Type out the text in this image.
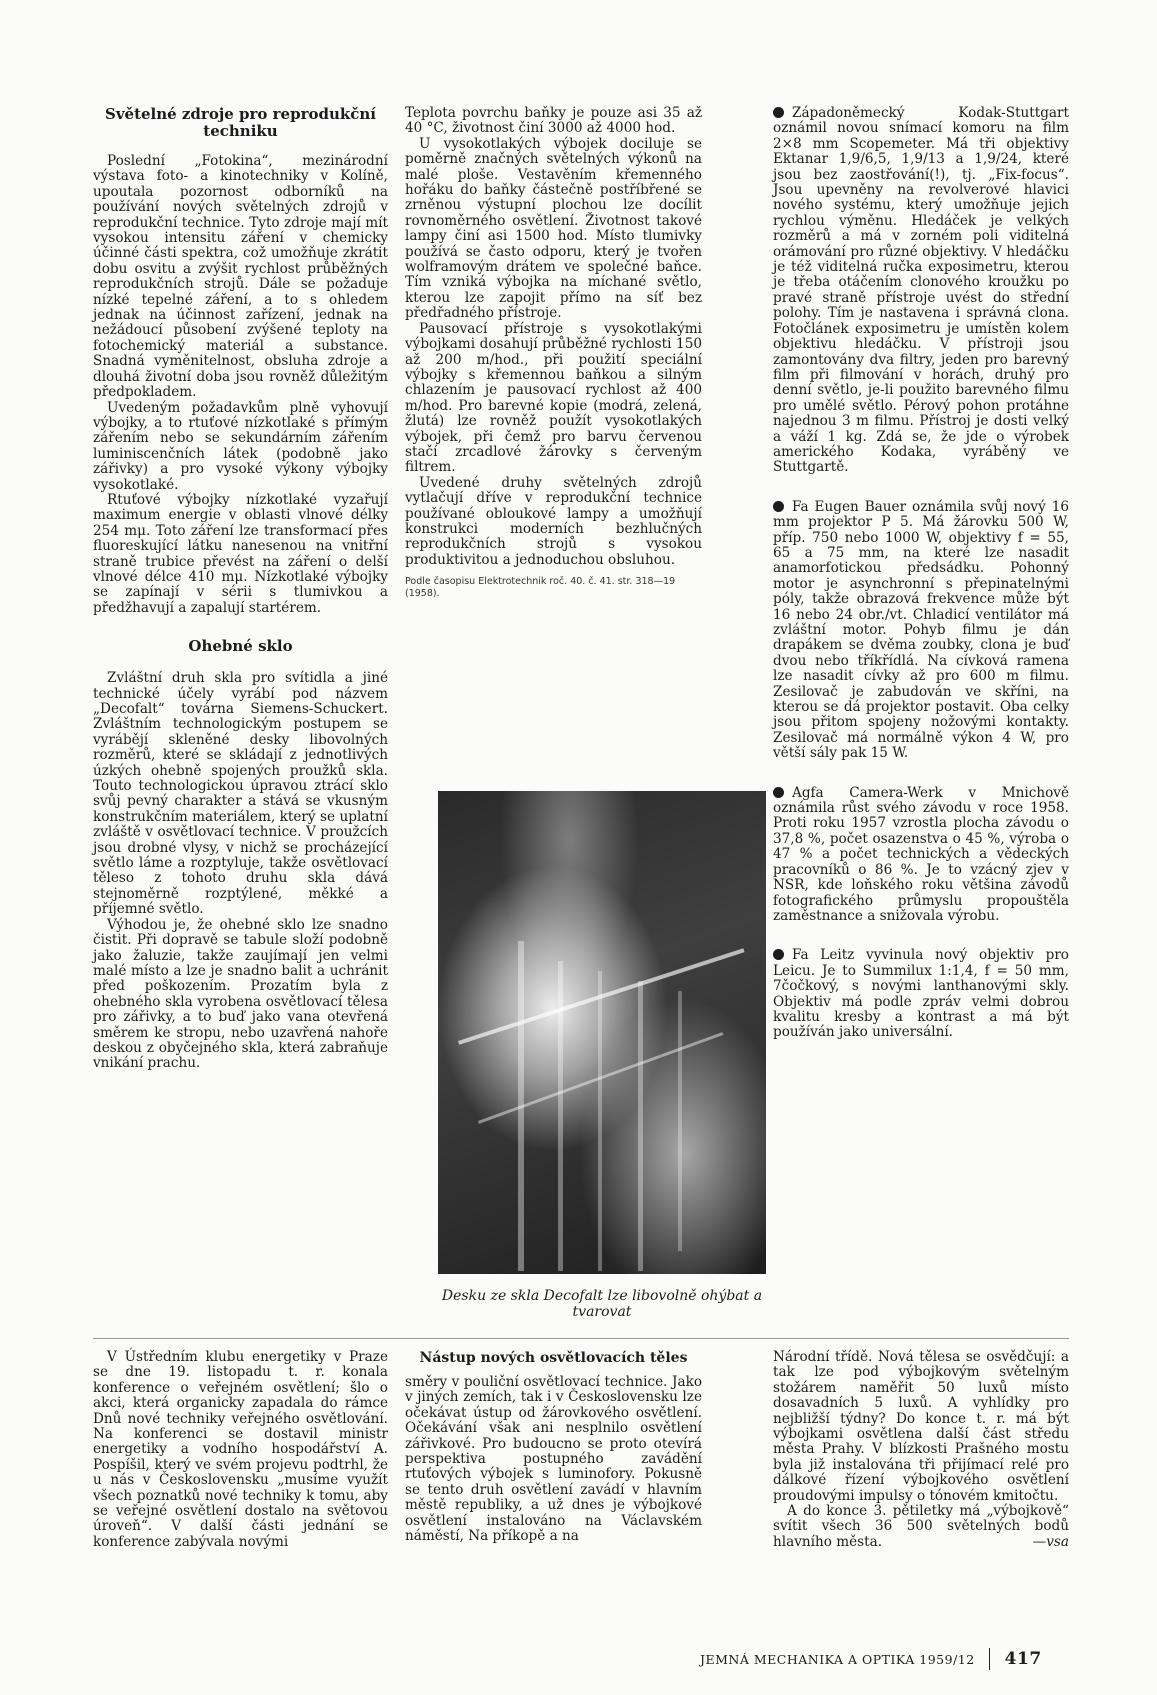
Světelné zdroje pro reprodukční techniku

Poslední „Fotokina“, mezinárodní výstava foto- a kinotechniky v Kolíně, upoutala pozornost odborníků na používání nových světelných zdrojů v reprodukční technice. Tyto zdroje mají mít vysokou intensitu záření v chemicky účinné části spektra, což umožňuje zkrátit dobu osvitu a zvýšit rychlost průběžných reprodukčních strojů. Dále se požaduje nízké tepelné záření, a to s ohledem jednak na účinnost zařízení, jednak na nežádoucí působení zvýšené teploty na fotochemický materiál a substance. Snadná vyměnitelnost, obsluha zdroje a dlouhá životní doba jsou rovněž důležitým předpokladem.

Uvedeným požadavkům plně vyhovují výbojky, a to rtuťové nízkotlaké s přímým zářením nebo se sekundárním zářením luminiscenčních látek (podobně jako zářivky) a pro vysoké výkony výbojky vysokotlaké.

Rtuťové výbojky nízkotlaké vyzařují maximum energie v oblasti vlnové délky 254 mμ. Toto záření lze transformací přes fluoreskující látku nanesenou na vnitřní straně trubice převést na záření o delší vlnové délce 410 mμ. Nízkotlaké výbojky se zapínají v sérii s tlumivkou a předžhavují a zapalují startérem.

Ohebné sklo

Zvláštní druh skla pro svítidla a jiné technické účely vyrábí pod názvem „Decofalt“ továrna Siemens-Schuckert. Zvláštním technologickým postupem se vyrábějí skleněné desky libovolných rozměrů, které se skládají z jednotlivých úzkých ohebně spojených proužků skla. Touto technologickou úpravou ztrácí sklo svůj pevný charakter a stává se vkusným konstrukčním materiálem, který se uplatní zvláště v osvětlovací technice. V proužcích jsou drobné vlysy, v nichž se procházející světlo láme a rozptyluje, takže osvětlovací těleso z tohoto druhu skla dává stejnoměrně rozptýlené, měkké a příjemné světlo.

Výhodou je, že ohebné sklo lze snadno čistit. Při dopravě se tabule složí podobně jako žaluzie, takže zaujímají jen velmi malé místo a lze je snadno balit a uchránit před poškozením. Prozatím byla z ohebného skla vyrobena osvětlovací tělesa pro zářivky, a to buď jako vana otevřená směrem ke stropu, nebo uzavřená nahoře deskou z obyčejného skla, která zabraňuje vnikání prachu.

Teplota povrchu baňky je pouze asi 35 až 40 °C, životnost činí 3000 až 4000 hod.

U vysokotlakých výbojek dociluje se poměrně značných světelných výkonů na malé ploše. Vestavěním křemenného hořáku do baňky částečně postříbřené se zrněnou výstupní plochou lze docílit rovnoměrného osvětlení. Životnost takové lampy činí asi 1500 hod. Místo tlumivky používá se často odporu, který je tvořen wolframovým drátem ve společné baňce. Tím vzniká výbojka na míchané světlo, kterou lze zapojit přímo na síť bez předřadného přístroje.

Pausovací přístroje s vysokotlakými výbojkami dosahují průběžné rychlosti 150 až 200 m/hod., při použití speciální výbojky s křemennou baňkou a silným chlazením je pausovací rychlost až 400 m/hod. Pro barevné kopie (modrá, zelená, žlutá) lze rovněž použít vysokotlakých výbojek, při čemž pro barvu červenou stačí zrcadlové žárovky s červeným filtrem.

Uvedené druhy světelných zdrojů vytlačují dříve v reprodukční technice používané obloukové lampy a umožňují konstrukci moderních bezhlučných reprodukčních strojů s vysokou produktivitou a jednoduchou obsluhou.

Podle časopisu Elektrotechnik roč. 40. č. 41. str. 318—19 (1958).
Desku ze skla Decofalt lze libovolně ohýbat a tvarovat

Západoněmecký Kodak-Stuttgart oznámil novou snímací komoru na film 2×8 mm Scopemeter. Má tři objektivy Ektanar 1,9/6,5, 1,9/13 a 1,9/24, které jsou bez zaostřování(!), tj. „Fix-focus“. Jsou upevněny na revolverové hlavici nového systému, který umožňuje jejich rychlou výměnu. Hledáček je velkých rozměrů a má v zorném poli viditelná orámování pro různé objektivy. V hledáčku je též viditelná ručka exposimetru, kterou je třeba otáčením clonového kroužku po pravé straně přístroje uvést do střední polohy. Tím je nastavena i správná clona. Fotočlánek exposimetru je umístěn kolem objektivu hledáčku. V přístroji jsou zamontovány dva filtry, jeden pro barevný film při filmování v horách, druhý pro denní světlo, je-li použito barevného filmu pro umělé světlo. Pérový pohon protáhne najednou 3 m filmu. Přístroj je dosti velký a váží 1 kg. Zdá se, že jde o výrobek amerického Kodaka, vyráběný ve Stuttgartě.

Fa Eugen Bauer oznámila svůj nový 16 mm projektor P 5. Má žárovku 500 W, příp. 750 nebo 1000 W, objektivy f = 55, 65 a 75 mm, na které lze nasadit anamorfotickou předsádku. Pohonný motor je asynchronní s přepinatelnými póly, takže obrazová frekvence může být 16 nebo 24 obr./vt. Chladicí ventilátor má zvláštní motor. Pohyb filmu je dán drapákem se dvěma zoubky, clona je buď dvou nebo tříkřídlá. Na cívková ramena lze nasadit cívky až pro 600 m filmu. Zesilovač je zabudován ve skříni, na kterou se dá projektor postavit. Oba celky jsou přitom spojeny nožovými kontakty. Zesilovač má normálně výkon 4 W, pro větší sály pak 15 W.

Agfa Camera-Werk v Mnichově oznámila růst svého závodu v roce 1958. Proti roku 1957 vzrostla plocha závodu o 37,8 %, počet osazenstva o 45 %, výroba o 47 % a počet technických a vědeckých pracovníků o 86 %. Je to vzácný zjev v NSR, kde loňského roku většina závodů fotografického průmyslu propouštěla zaměstnance a snižovala výrobu.

Fa Leitz vyvinula nový objektiv pro Leicu. Je to Summilux 1:1,4, f = 50 mm, 7čočkový, s novými lanthanovými skly. Objektiv má podle zpráv velmi dobrou kvalitu kresby a kontrast a má být používán jako universální.

V Ústředním klubu energetiky v Praze se dne 19. listopadu t. r. konala konference o veřejném osvětlení; šlo o akci, která organicky zapadala do rámce Dnů nové techniky veřejného osvětlování. Na konferenci se dostavil ministr energetiky a vodního hospodářství A. Pospíšil, který ve svém projevu podtrhl, že u nás v Československu „musíme využít všech poznatků nové techniky k tomu, aby se veřejné osvětlení dostalo na světovou úroveň“. V další části jednání se konference zabývala novými

Nástup nových osvětlovacích těles

směry v pouliční osvětlovací technice. Jako v jiných zemích, tak i v Československu lze očekávat ústup od žárovkového osvětlení. Očekávání však ani nesplnilo osvětlení zářivkové. Pro budoucno se proto otevírá perspektiva postupného zavádění rtuťových výbojek s luminofory. Pokusně se tento druh osvětlení zavádí v hlavním městě republiky, a už dnes je výbojkové osvětlení instalováno na Václavském náměstí, Na příkopě a na

Národní třídě. Nová tělesa se osvědčují: a tak lze pod výbojkovým světelným stožárem naměřit 50 luxů místo dosavadních 5 luxů. A vyhlídky pro nejbližší týdny? Do konce t. r. má být výbojkami osvětlena další část středu města Prahy. V blízkosti Prašného mostu byla již instalována tři přijímací relé pro dálkové řízení výbojkového osvětlení proudovými impulsy o tónovém kmitočtu.

A do konce 3. pětiletky má „výbojkově“ svítit všech 36 500 světelných bodů hlavního města.	—vsa

JEMNÁ MECHANIKA A OPTIKA 1959/12 417
